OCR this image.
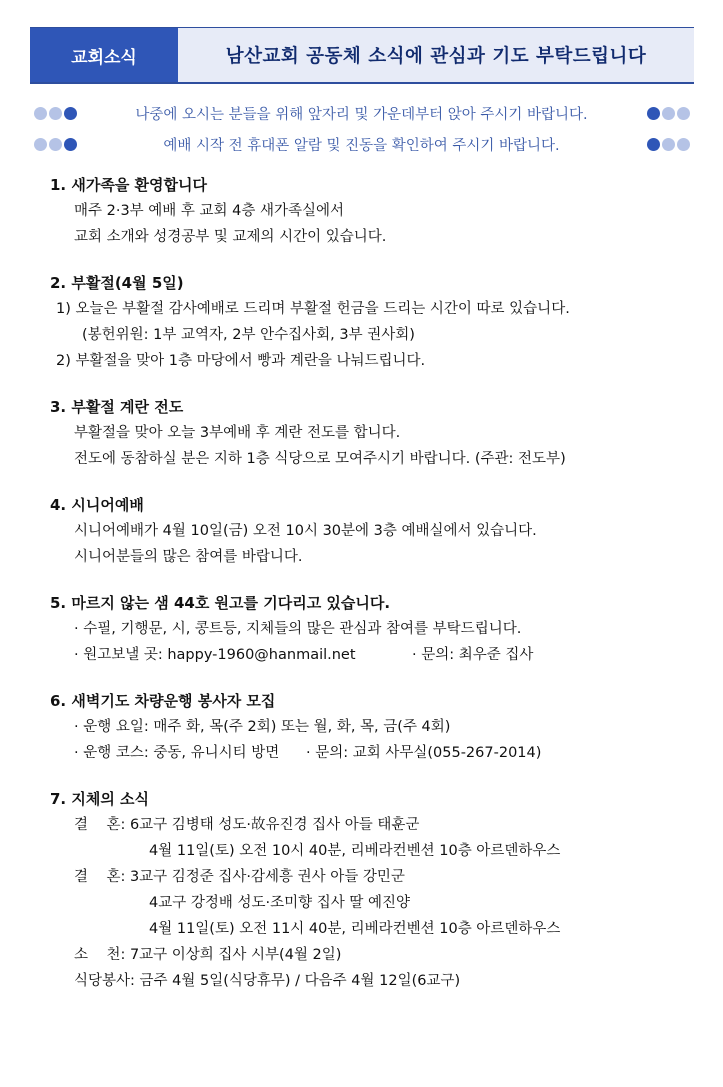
교회소식	남산교회 공동체 소식에 관심과 기도 부탁드립니다
나중에 오시는 분들을 위해 앞자리 및 가운데부터 앉아 주시기 바랍니다.
예배 시작 전 휴대폰 알람 및 진동을 확인하여 주시기 바랍니다.
1. 새가족을 환영합니다
매주 2·3부 예배 후 교회 4층 새가족실에서
교회 소개와 성경공부 및 교제의 시간이 있습니다.
2. 부활절(4월 5일)
1) 오늘은 부활절 감사예배로 드리며 부활절 헌금을 드리는 시간이 따로 있습니다.
(봉헌위원: 1부 교역자, 2부 안수집사회, 3부 권사회)
2) 부활절을 맞아 1층 마당에서 빵과 계란을 나눠드립니다.
3. 부활절 계란 전도
부활절을 맞아 오늘 3부예배 후 계란 전도를 합니다.
전도에 동참하실 분은 지하 1층 식당으로 모여주시기 바랍니다. (주관: 전도부)
4. 시니어예배
시니어예배가 4월 10일(금) 오전 10시 30분에 3층 예배실에서 있습니다.
시니어분들의 많은 참여를 바랍니다.
5. 마르지 않는 샘 44호 원고를 기다리고 있습니다.
· 수필, 기행문, 시, 콩트등, 지체들의 많은 관심과 참여를 부탁드립니다.
· 원고보낼 곳: happy-1960@hanmail.net	· 문의: 최우준 집사
6. 새벽기도 차량운행 봉사자 모집
· 운행 요일: 매주 화, 목(주 2회) 또는 월, 화, 목, 금(주 4회)
· 운행 코스: 중동, 유니시티 방면 · 문의: 교회 사무실(055-267-2014)
7. 지체의 소식
결    혼: 6교구 김병태 성도·故유진경 집사 아들 태훈군
4월 11일(토) 오전 10시 40분, 리베라컨벤션 10층 아르덴하우스
결    혼: 3교구 김정준 집사·감세흥 권사 아들 강민군
4교구 강정배 성도·조미향 집사 딸 예진양
4월 11일(토) 오전 11시 40분, 리베라컨벤션 10층 아르덴하우스
소    천: 7교구 이상희 집사 시부(4월 2일)
식당봉사: 금주 4월 5일(식당휴무) / 다음주 4월 12일(6교구)
